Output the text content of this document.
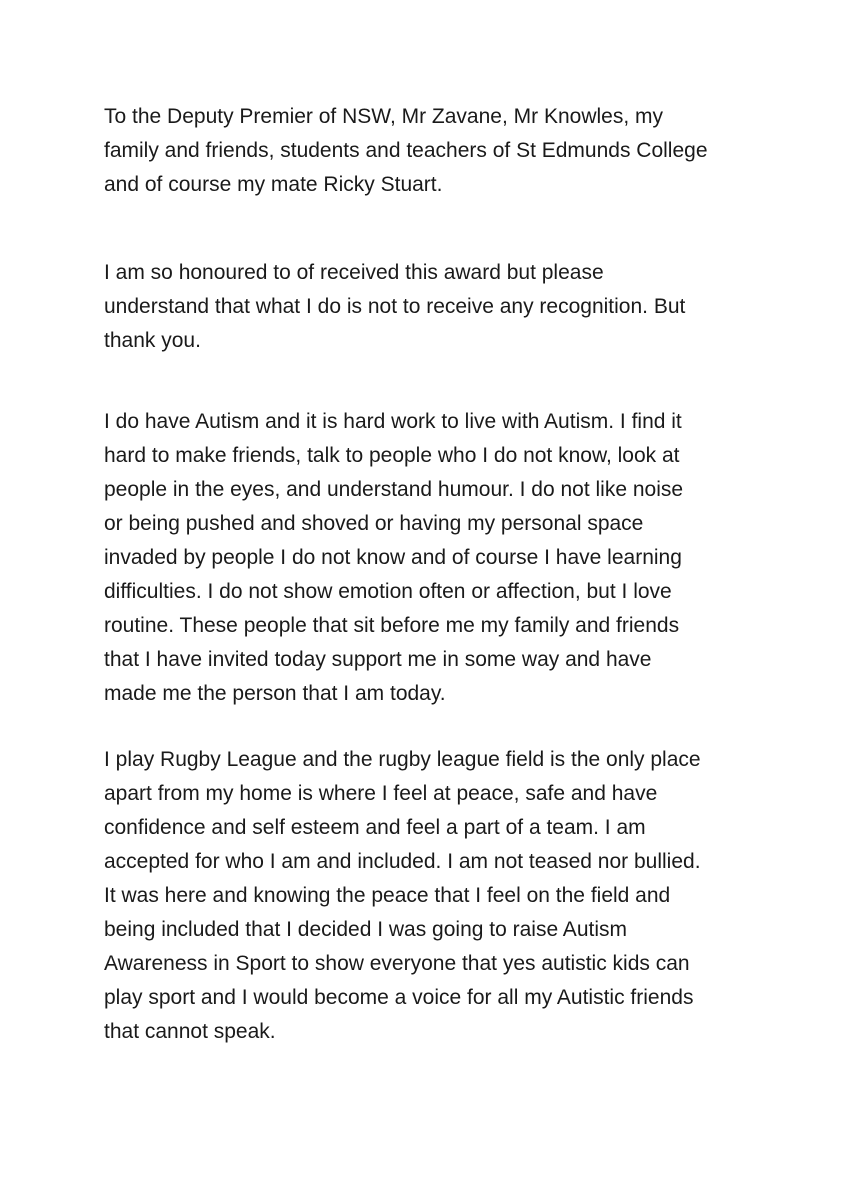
To the Deputy Premier of NSW, Mr Zavane, Mr Knowles, my
family and friends, students and teachers of St Edmunds College
and of course my mate Ricky Stuart.

I am so honoured to of received this award but please
understand that what I do is not to receive any recognition. But
thank you.

I do have Autism and it is hard work to live with Autism. I find it
hard to make friends, talk to people who I do not know, look at
people in the eyes, and understand humour. I do not like noise
or being pushed and shoved or having my personal space
invaded by people I do not know and of course I have learning
difficulties. I do not show emotion often or affection, but I love
routine. These people that sit before me my family and friends
that I have invited today support me in some way and have
made me the person that I am today.

I play Rugby League and the rugby league field is the only place
apart from my home is where I feel at peace, safe and have
confidence and self esteem and feel a part of a team. I am
accepted for who I am and included. I am not teased nor bullied.
It was here and knowing the peace that I feel on the field and
being included that I decided I was going to raise Autism
Awareness in Sport to show everyone that yes autistic kids can
play sport and I would become a voice for all my Autistic friends
that cannot speak.
